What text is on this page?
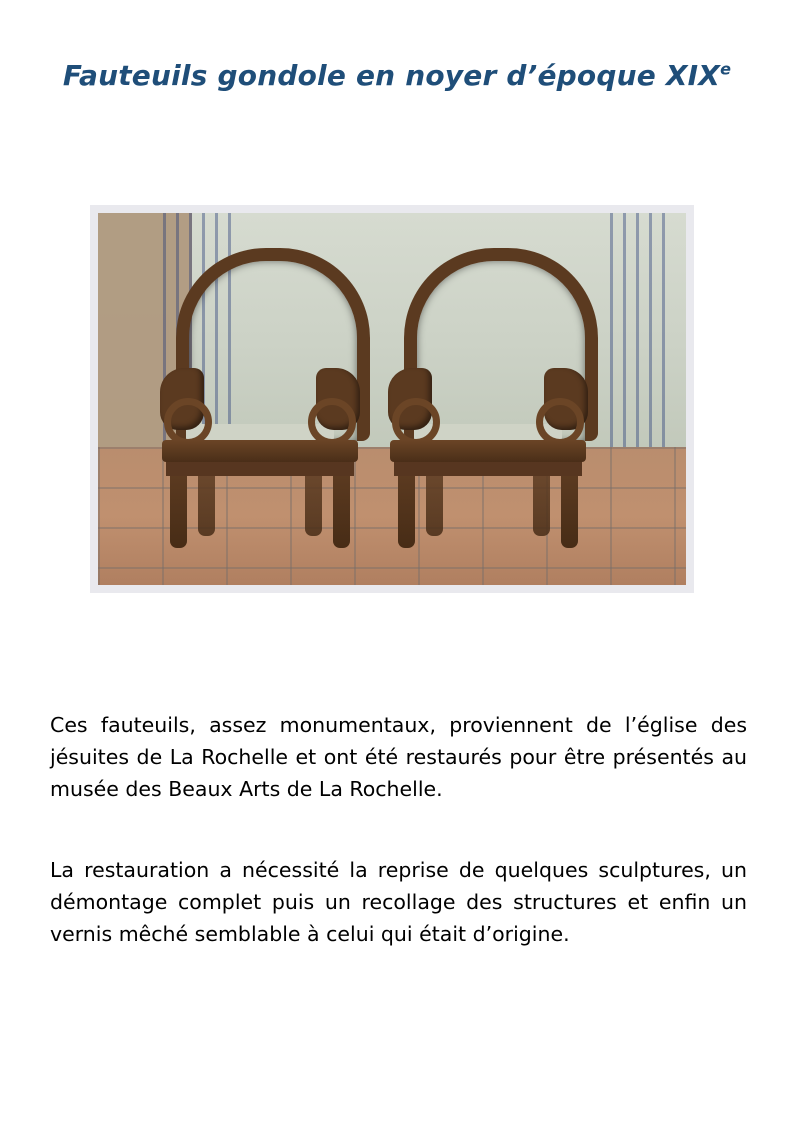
Fauteuils gondole en noyer d’époque XIXe

Ces fauteuils, assez monumentaux, proviennent de l’église des jésuites de La Rochelle et ont été restaurés pour être présentés au musée des Beaux Arts de La Rochelle.

La restauration a nécessité la reprise de quelques sculptures, un démontage complet puis un recollage des structures et enfin un vernis mêché semblable à celui qui était d’origine.
